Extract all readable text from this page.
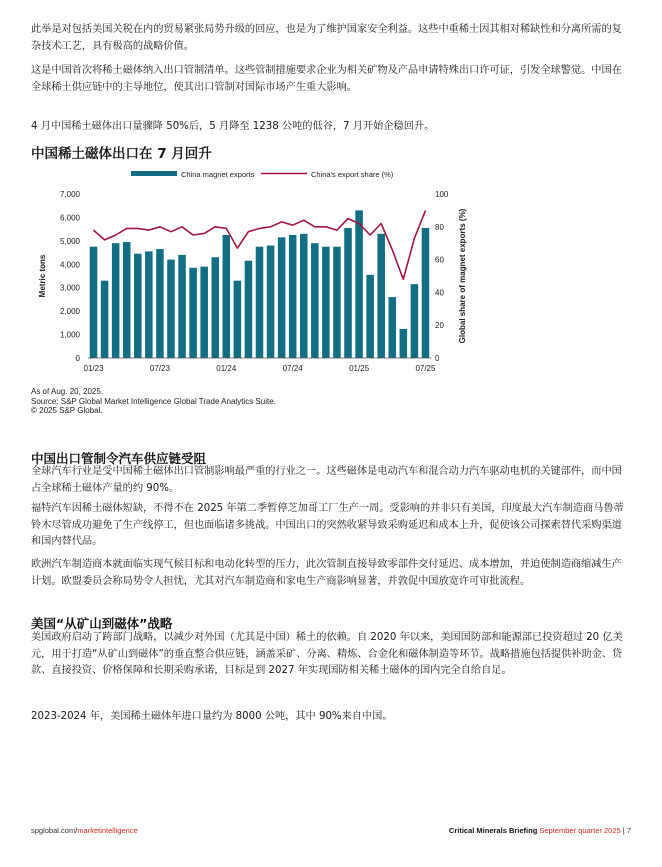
此举是对包括美国关税在内的贸易紧张局势升级的回应，也是为了维护国家安全利益。这些中重稀土因其相对稀缺性和分离所需的复杂技术工艺，具有极高的战略价值。

这是中国首次将稀土磁体纳入出口管制清单。这些管制措施要求企业为相关矿物及产品申请特殊出口许可证，引发全球警觉。中国在全球稀土供应链中的主导地位，使其出口管制对国际市场产生重大影响。

4 月中国稀土磁体出口量骤降 50%后，5 月降至 1238 公吨的低谷，7 月开始企稳回升。

中国稀土磁体出口在 7 月回升

0
1,000
2,000
3,000
4,000
5,000
6,000
7,000
0
20
40
60
80
100
01/23	07/23	01/24	07/24	01/25	07/25
Metric tons	Global share of magnet exports (%)
China magnet exports	China's export share (%)
As of Aug. 20, 2025.
Source: S&P Global Market Intelligence Global Trade Analytics Suite.
© 2025 S&P Global.

中国出口管制令汽车供应链受阻

全球汽车行业是受中国稀土磁体出口管制影响最严重的行业之一。这些磁体是电动汽车和混合动力汽车驱动电机的关键部件，而中国占全球稀土磁体产量的约 90%。

福特汽车因稀土磁体短缺，不得不在 2025 年第二季暂停芝加哥工厂生产一周。受影响的并非只有美国，印度最大汽车制造商马鲁蒂铃木尽管成功避免了生产线停工，但也面临诸多挑战。中国出口的突然收紧导致采购延迟和成本上升，促使该公司探索替代采购渠道和国内替代品。

欧洲汽车制造商本就面临实现气候目标和电动化转型的压力，此次管制直接导致零部件交付延迟、成本增加，并迫使制造商缩减生产计划。欧盟委员会称局势令人担忧，尤其对汽车制造商和家电生产商影响显著，并敦促中国放宽许可审批流程。

美国“从矿山到磁体”战略

美国政府启动了跨部门战略，以减少对外国（尤其是中国）稀土的依赖。自 2020 年以来，美国国防部和能源部已投资超过 20 亿美元，用于打造“从矿山到磁体”的垂直整合供应链，涵盖采矿、分离、精炼、合金化和磁体制造等环节。战略措施包括提供补助金、贷款、直接投资、价格保障和长期采购承诺，目标是到 2027 年实现国防相关稀土磁体的国内完全自给自足。

2023-2024 年，美国稀土磁体年进口量约为 8000 公吨，其中 90%来自中国。

spglobal.com/marketintelligence	Critical Minerals Briefing September quarter 2025 | 7
